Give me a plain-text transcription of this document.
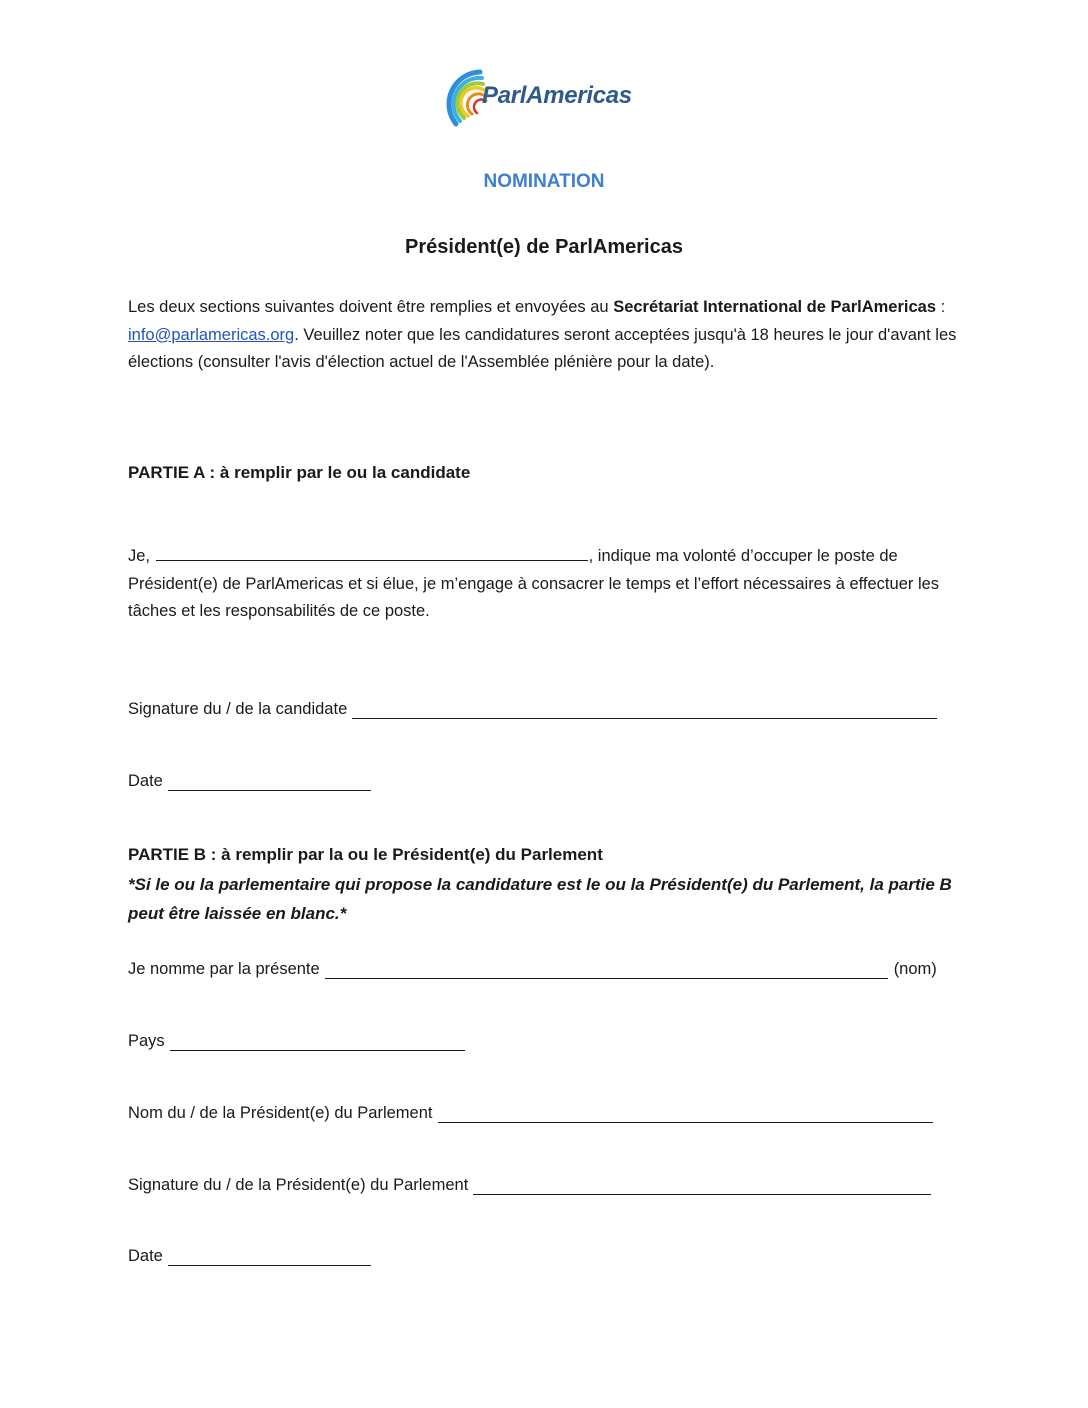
ParlAmericas
NOMINATION
Président(e) de ParlAmericas
Les deux sections suivantes doivent être remplies et envoyées au Secrétariat International de ParlAmericas : info@parlamericas.org. Veuillez noter que les candidatures seront acceptées jusqu'à 18 heures le jour d'avant les élections (consulter l'avis d'élection actuel de l'Assemblée plénière pour la date).
PARTIE A : à remplir par le ou la candidate
Je,	, indique ma volonté d’occuper le poste de Président(e) de ParlAmericas et si élue, je m’engage à consacrer le temps et l’effort nécessaires à effectuer les tâches et les responsabilités de ce poste.
Signature du / de la candidate
Date
PARTIE B : à remplir par la ou le Président(e) du Parlement
*Si le ou la parlementaire qui propose la candidature est le ou la Président(e) du Parlement, la partie B peut être laissée en blanc.*
Je nomme par la présente	(nom)
Pays
Nom du / de la Président(e) du Parlement
Signature du / de la Président(e) du Parlement
Date
